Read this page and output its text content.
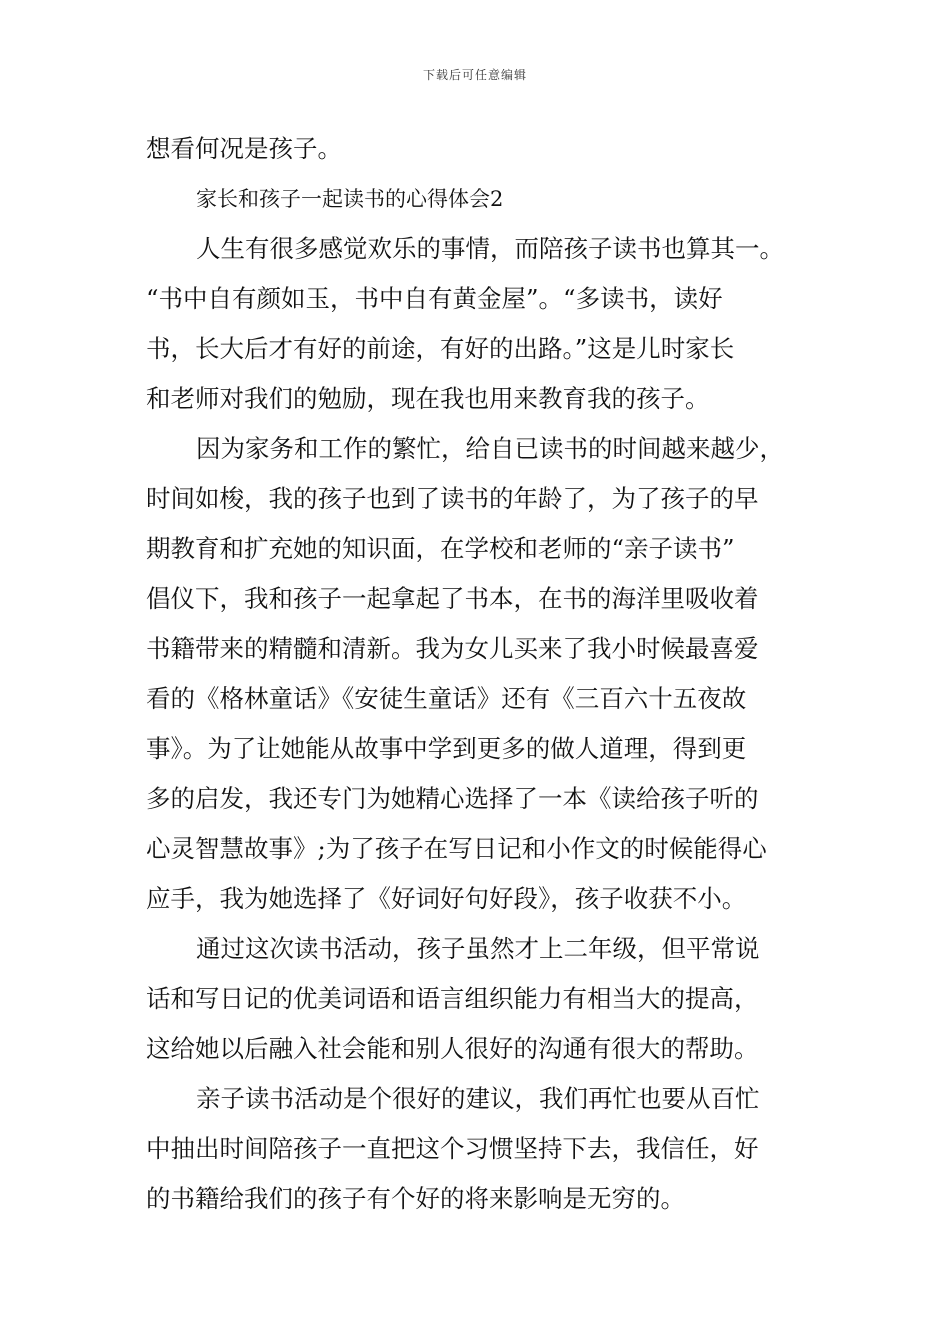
下载后可任意编辑
想看何况是孩子。
家长和孩子一起读书的心得体会2
人生有很多感觉欢乐的事情，而陪孩子读书也算其一。
“书中自有颜如玉，书中自有黄金屋”。“多读书，读好
书，长大后才有好的前途，有好的出路。”这是儿时家长
和老师对我们的勉励，现在我也用来教育我的孩子。
因为家务和工作的繁忙，给自已读书的时间越来越少，
时间如梭，我的孩子也到了读书的年龄了，为了孩子的早
期教育和扩充她的知识面，在学校和老师的“亲子读书”
倡仪下，我和孩子一起拿起了书本，在书的海洋里吸收着
书籍带来的精髓和清新。我为女儿买来了我小时候最喜爱
看的《格林童话》《安徒生童话》还有《三百六十五夜故
事》。为了让她能从故事中学到更多的做人道理，得到更
多的启发，我还专门为她精心选择了一本《读给孩子听的
心灵智慧故事》;为了孩子在写日记和小作文的时候能得心
应手，我为她选择了《好词好句好段》，孩子收获不小。
通过这次读书活动，孩子虽然才上二年级，但平常说
话和写日记的优美词语和语言组织能力有相当大的提高，
这给她以后融入社会能和别人很好的沟通有很大的帮助。
亲子读书活动是个很好的建议，我们再忙也要从百忙
中抽出时间陪孩子一直把这个习惯坚持下去，我信任，好
的书籍给我们的孩子有个好的将来影响是无穷的。
